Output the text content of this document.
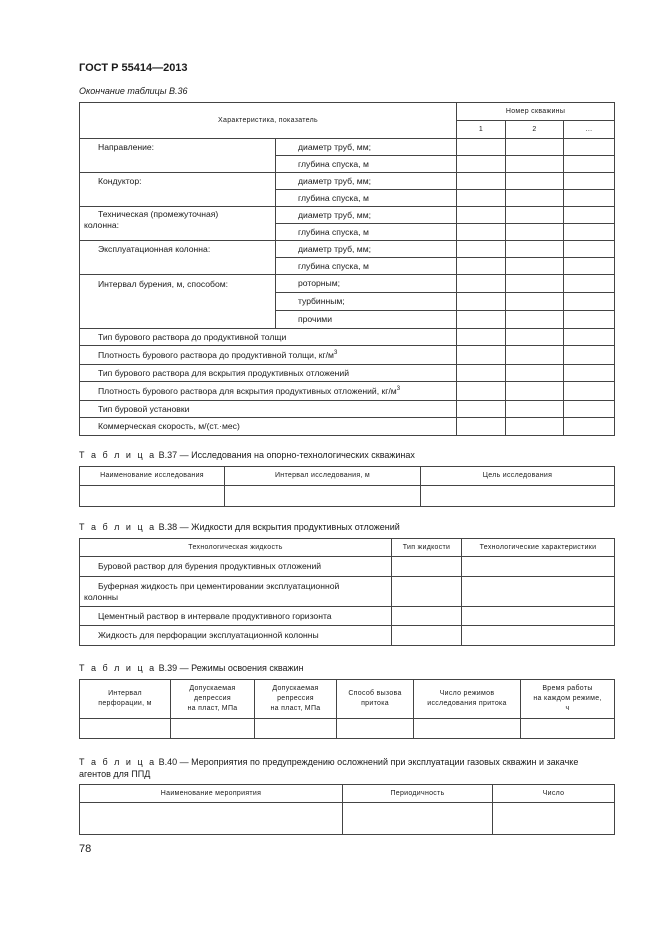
ГОСТ Р 55414—2013
Окончание таблицы В.36
Характеристика, показатель		Номер скважины		
		1	2	...
Направление:	диаметр труб, мм;			
	глубина спуска, м			
Кондуктор:	диаметр труб, мм;			
	глубина спуска, м			
Техническая (промежуточная)
колонна:	диаметр труб, мм;			
	глубина спуска, м			
Эксплуатационная колонна:	диаметр труб, мм;			
	глубина спуска, м			
Интервал бурения, м, способом:	роторным;			
	турбинным;			
	прочими			
Тип бурового раствора до продуктивной толщи				
Плотность бурового раствора до продуктивной толщи, $кг/м^3$			
Тип бурового раствора для вскрытия продуктивных отложений				
Плотность бурового раствора для вскрытия продуктивных отложений, $кг/м^3$			
Тип буровой установки				
Коммерческая скорость, м/(ст.·мес)				
Т а б л и ц а В.37 — Исследования на опорно-технологических скважинах
Наименование исследования	Интервал исследования, м	Цель исследования

Т а б л и ц а В.38 — Жидкости для вскрытия продуктивных отложений
Технологическая жидкость	Тип жидкости	Технологические характеристики
Буровой раствор для бурения продуктивных отложений		
Буферная жидкость при цементировании эксплуатационной
колонны		
Цементный раствор в интервале продуктивного горизонта		
Жидкость для перфорации эксплуатационной колонны		
Т а б л и ц а В.39 — Режимы освоения скважин
Интервал
перфорации, м	Допускаемая
депрессия
на пласт, МПа	Допускаемая
репрессия
на пласт, МПа	Способ вызова
притока	Число режимов
исследования притока	Время работы
на каждом режиме,
ч

Т а б л и ц а В.40 — Мероприятия по предупреждению осложнений при эксплуатации газовых скважин и закачке
агентов для ППД
Наименование мероприятия	Периодичность	Число

78
